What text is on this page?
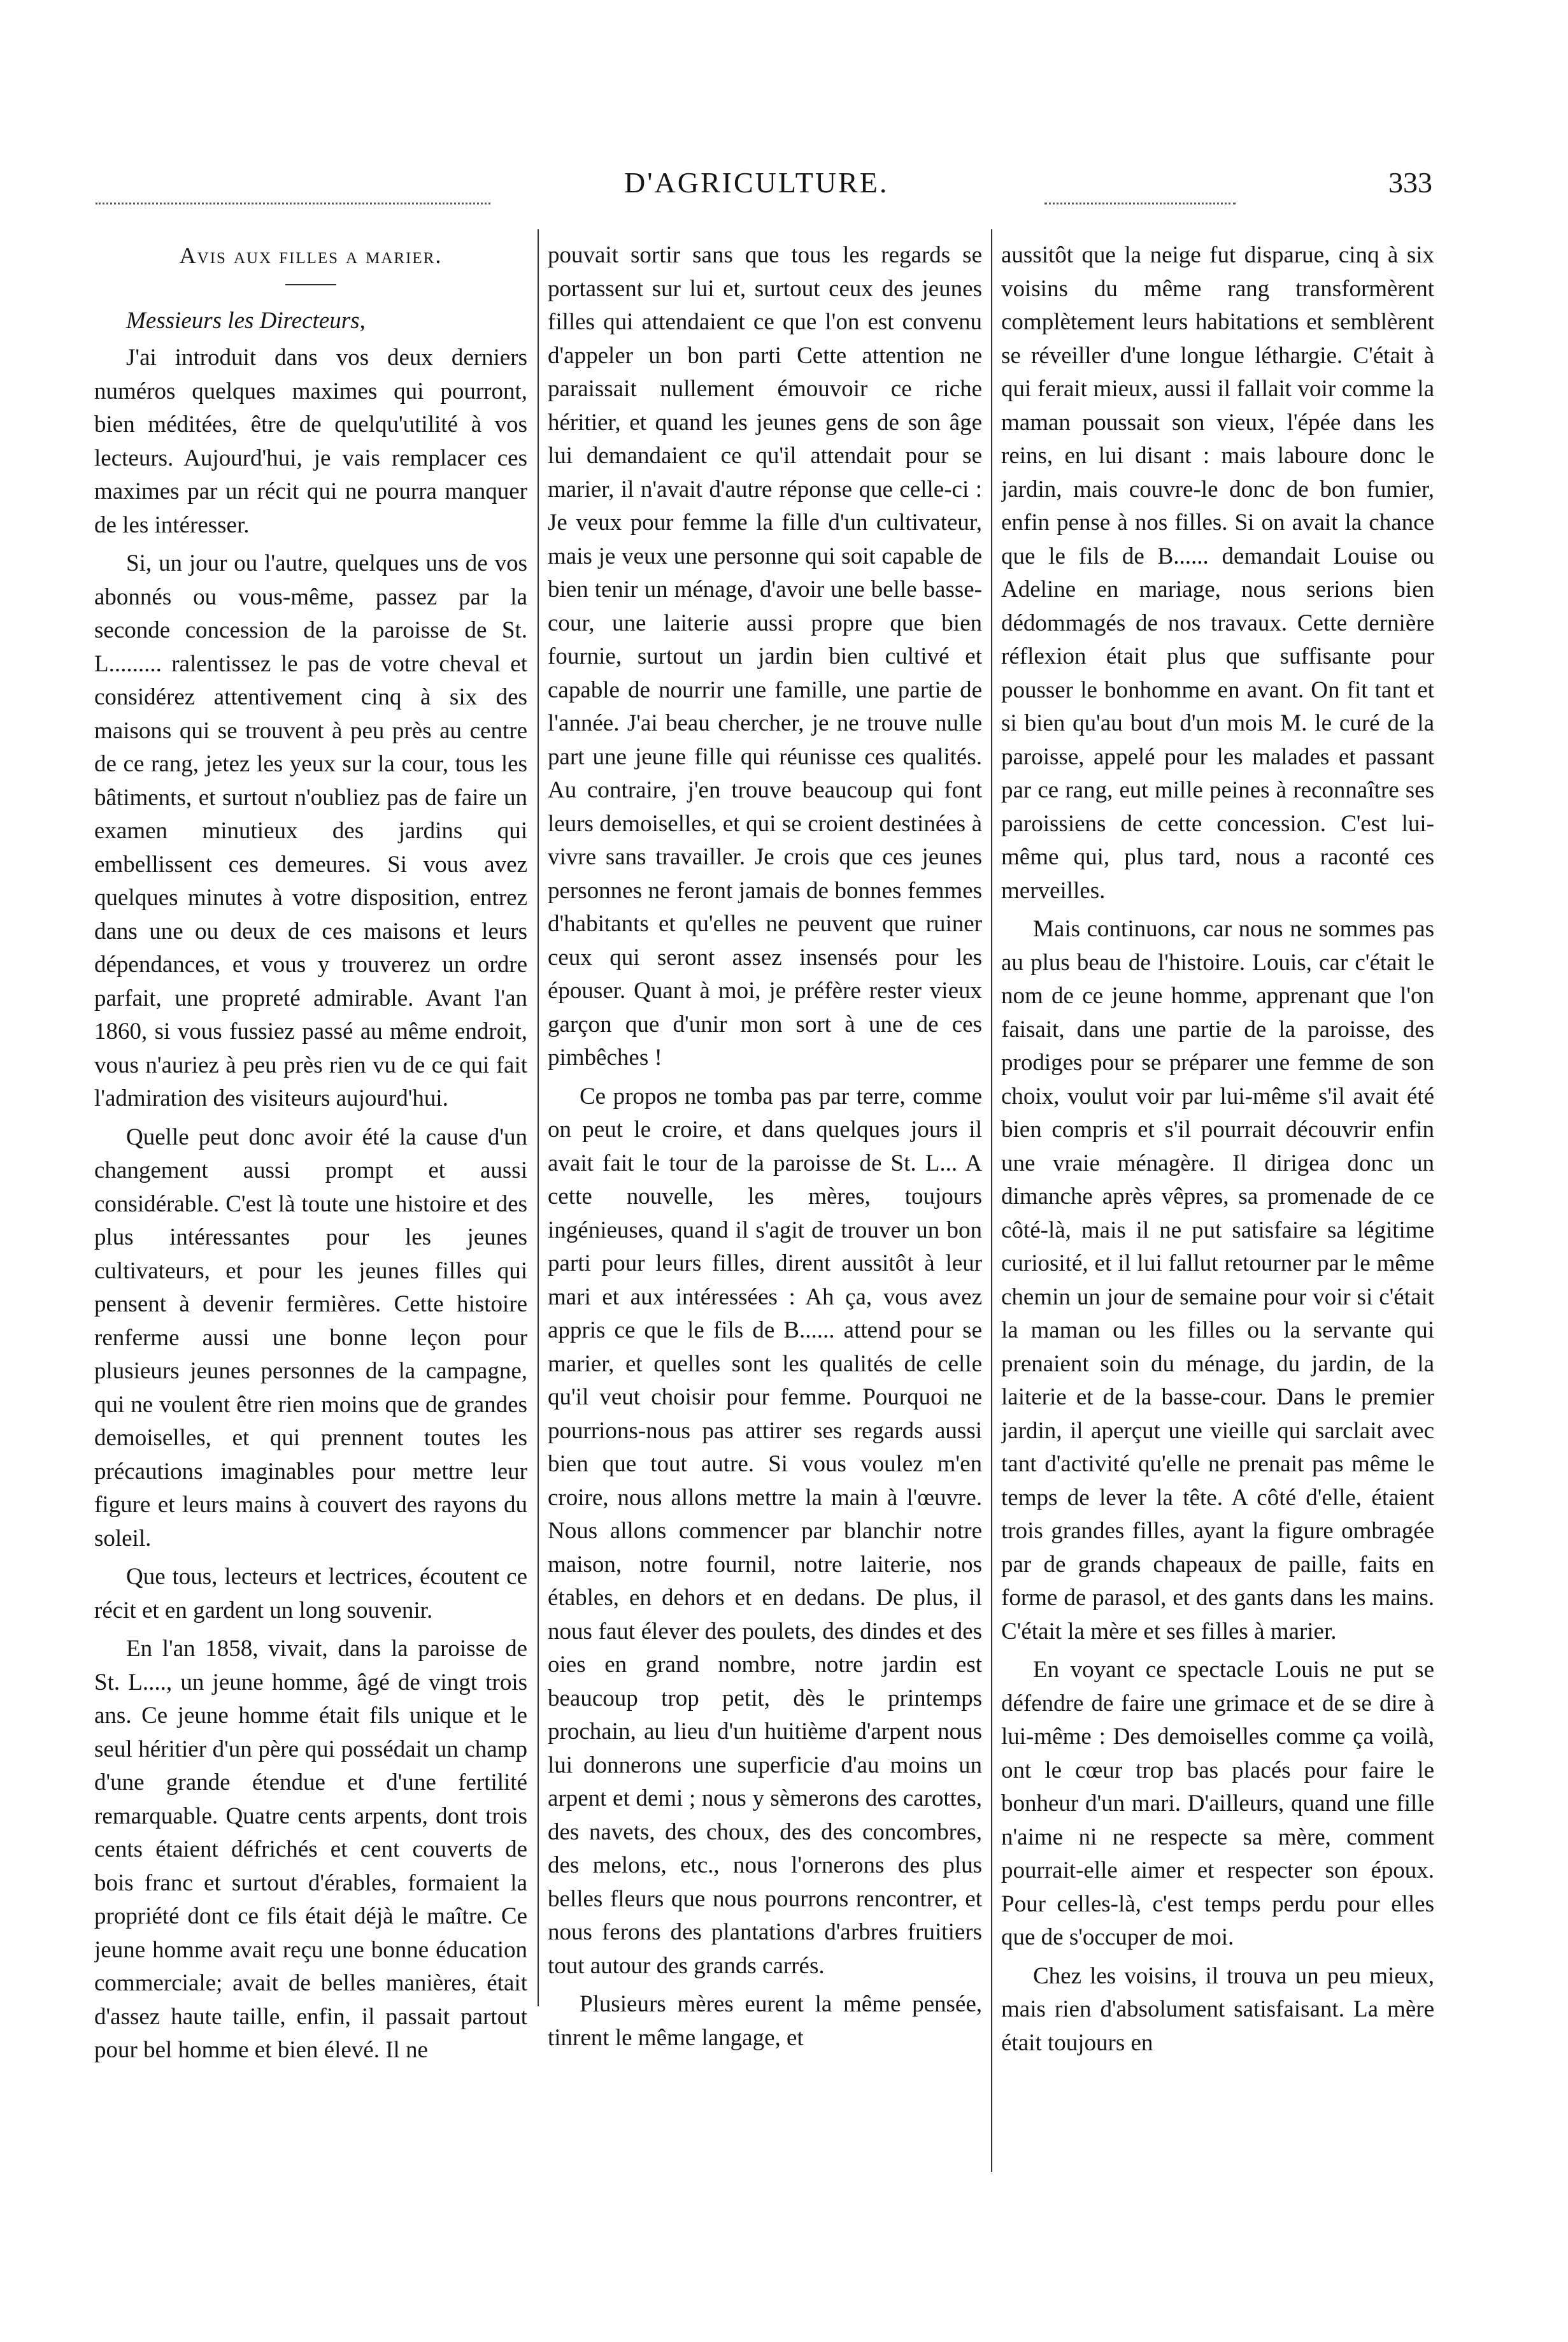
D'AGRICULTURE.	333
Avis aux filles a marier.
Messieurs les Directeurs,

J'ai introduit dans vos deux derniers numéros quelques maximes qui pourront, bien méditées, être de quelqu'utilité à vos lecteurs. Aujourd'hui, je vais remplacer ces maximes par un récit qui ne pourra manquer de les intéresser.

Si, un jour ou l'autre, quelques uns de vos abonnés ou vous-même, passez par la seconde concession de la paroisse de St. L......... ralentissez le pas de votre cheval et considérez attentivement cinq à six des maisons qui se trouvent à peu près au centre de ce rang, jetez les yeux sur la cour, tous les bâtiments, et surtout n'oubliez pas de faire un examen minutieux des jardins qui embellissent ces demeures. Si vous avez quelques minutes à votre disposition, entrez dans une ou deux de ces maisons et leurs dépendances, et vous y trouverez un ordre parfait, une propreté admirable. Avant l'an 1860, si vous fussiez passé au même endroit, vous n'auriez à peu près rien vu de ce qui fait l'admiration des visiteurs aujourd'hui.

Quelle peut donc avoir été la cause d'un changement aussi prompt et aussi considérable. C'est là toute une histoire et des plus intéressantes pour les jeunes cultivateurs, et pour les jeunes filles qui pensent à devenir fermières. Cette histoire renferme aussi une bonne leçon pour plusieurs jeunes personnes de la campagne, qui ne voulent être rien moins que de grandes demoiselles, et qui prennent toutes les précautions imaginables pour mettre leur figure et leurs mains à couvert des rayons du soleil.

Que tous, lecteurs et lectrices, écoutent ce récit et en gardent un long souvenir.

En l'an 1858, vivait, dans la paroisse de St. L...., un jeune homme, âgé de vingt trois ans. Ce jeune homme était fils unique et le seul héritier d'un père qui possédait un champ d'une grande étendue et d'une fertilité remarquable. Quatre cents arpents, dont trois cents étaient défrichés et cent couverts de bois franc et surtout d'érables, formaient la propriété dont ce fils était déjà le maître. Ce jeune homme avait reçu une bonne éducation commerciale; avait de belles manières, était d'assez haute taille, enfin, il passait partout pour bel homme et bien élevé. Il ne

pouvait sortir sans que tous les regards se portassent sur lui et, surtout ceux des jeunes filles qui attendaient ce que l'on est convenu d'appeler un bon parti Cette attention ne paraissait nullement émouvoir ce riche héritier, et quand les jeunes gens de son âge lui demandaient ce qu'il attendait pour se marier, il n'avait d'autre réponse que celle-ci : Je veux pour femme la fille d'un cultivateur, mais je veux une personne qui soit capable de bien tenir un ménage, d'avoir une belle basse-cour, une laiterie aussi propre que bien fournie, surtout un jardin bien cultivé et capable de nourrir une famille, une partie de l'année. J'ai beau chercher, je ne trouve nulle part une jeune fille qui réunisse ces qualités. Au contraire, j'en trouve beaucoup qui font leurs demoiselles, et qui se croient destinées à vivre sans travailler. Je crois que ces jeunes personnes ne feront jamais de bonnes femmes d'habitants et qu'elles ne peuvent que ruiner ceux qui seront assez insensés pour les épouser. Quant à moi, je préfère rester vieux garçon que d'unir mon sort à une de ces pimbêches !

Ce propos ne tomba pas par terre, comme on peut le croire, et dans quelques jours il avait fait le tour de la paroisse de St. L... A cette nouvelle, les mères, toujours ingénieuses, quand il s'agit de trouver un bon parti pour leurs filles, dirent aussitôt à leur mari et aux intéressées : Ah ça, vous avez appris ce que le fils de B...... attend pour se marier, et quelles sont les qualités de celle qu'il veut choisir pour femme. Pourquoi ne pourrions-nous pas attirer ses regards aussi bien que tout autre. Si vous voulez m'en croire, nous allons mettre la main à l'œuvre. Nous allons commencer par blanchir notre maison, notre fournil, notre laiterie, nos étables, en dehors et en dedans. De plus, il nous faut élever des poulets, des dindes et des oies en grand nombre, notre jardin est beaucoup trop petit, dès le printemps prochain, au lieu d'un huitième d'arpent nous lui donnerons une superficie d'au moins un arpent et demi ; nous y sèmerons des carottes, des navets, des choux, des des concombres, des melons, etc., nous l'ornerons des plus belles fleurs que nous pourrons rencontrer, et nous ferons des plantations d'arbres fruitiers tout autour des grands carrés.

Plusieurs mères eurent la même pensée, tinrent le même langage, et

aussitôt que la neige fut disparue, cinq à six voisins du même rang transformèrent complètement leurs habitations et semblèrent se réveiller d'une longue léthargie. C'était à qui ferait mieux, aussi il fallait voir comme la maman poussait son vieux, l'épée dans les reins, en lui disant : mais laboure donc le jardin, mais couvre-le donc de bon fumier, enfin pense à nos filles. Si on avait la chance que le fils de B...... demandait Louise ou Adeline en mariage, nous serions bien dédommagés de nos travaux. Cette dernière réflexion était plus que suffisante pour pousser le bonhomme en avant. On fit tant et si bien qu'au bout d'un mois M. le curé de la paroisse, appelé pour les malades et passant par ce rang, eut mille peines à reconnaître ses paroissiens de cette concession. C'est lui-même qui, plus tard, nous a raconté ces merveilles.

Mais continuons, car nous ne sommes pas au plus beau de l'histoire. Louis, car c'était le nom de ce jeune homme, apprenant que l'on faisait, dans une partie de la paroisse, des prodiges pour se préparer une femme de son choix, voulut voir par lui-même s'il avait été bien compris et s'il pourrait découvrir enfin une vraie ménagère. Il dirigea donc un dimanche après vêpres, sa promenade de ce côté-là, mais il ne put satisfaire sa légitime curiosité, et il lui fallut retourner par le même chemin un jour de semaine pour voir si c'était la maman ou les filles ou la servante qui prenaient soin du ménage, du jardin, de la laiterie et de la basse-cour. Dans le premier jardin, il aperçut une vieille qui sarclait avec tant d'activité qu'elle ne prenait pas même le temps de lever la tête. A côté d'elle, étaient trois grandes filles, ayant la figure ombragée par de grands chapeaux de paille, faits en forme de parasol, et des gants dans les mains. C'était la mère et ses filles à marier.

En voyant ce spectacle Louis ne put se défendre de faire une grimace et de se dire à lui-même : Des demoiselles comme ça voilà, ont le cœur trop bas placés pour faire le bonheur d'un mari. D'ailleurs, quand une fille n'aime ni ne respecte sa mère, comment pourrait-elle aimer et respecter son époux. Pour celles-là, c'est temps perdu pour elles que de s'occuper de moi.

Chez les voisins, il trouva un peu mieux, mais rien d'absolument satisfaisant. La mère était toujours en
